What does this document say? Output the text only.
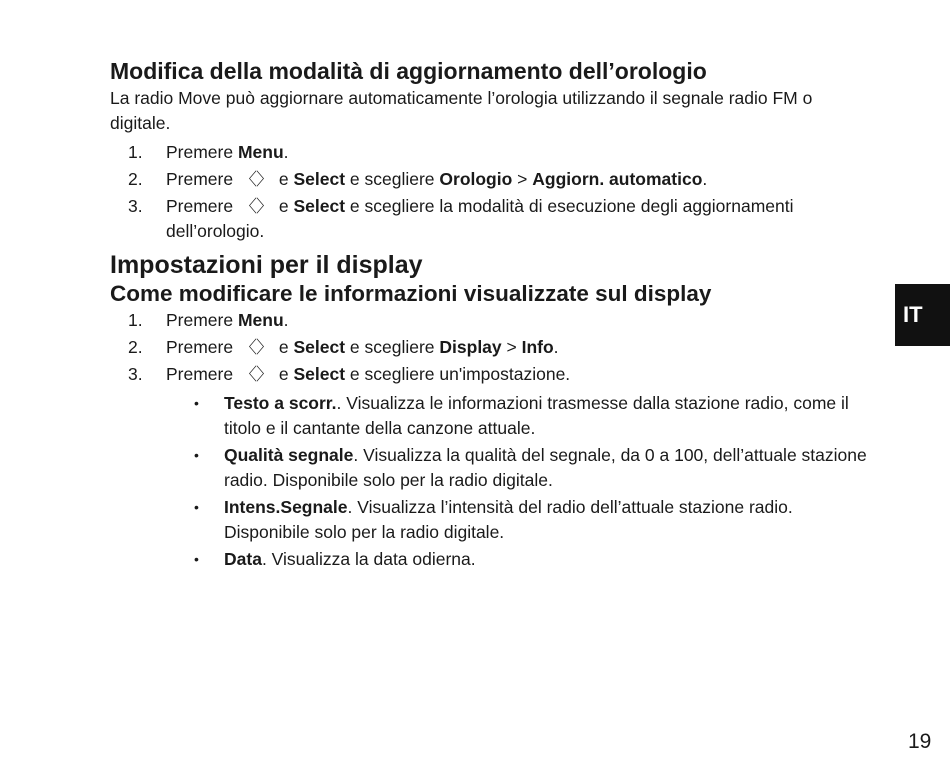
Modifica della modalità di aggiornamento dell’orologio

La radio Move può aggiornare automaticamente l’orologia utilizzando il segnale radio FM o digitale.

1. Premere Menu.
2. Premere 〈〉 e Select e scegliere Orologio > Aggiorn. automatico.
3. Premere 〈〉 e Select e scegliere la modalità di esecuzione degli aggiornamenti dell’orologio.
Impostazioni per il display
Come modificare le informazioni visualizzate sul display
1. Premere Menu.
2. Premere 〈〉 e Select e scegliere Display > Info.
3. Premere 〈〉 e Select e scegliere un'impostazione.
• Testo a scorr.. Visualizza le informazioni trasmesse dalla stazione radio, come il titolo e il cantante della canzone attuale.
• Qualità segnale. Visualizza la qualità del segnale, da 0 a 100, dell’attuale stazione radio. Disponibile solo per la radio digitale.
• Intens.Segnale. Visualizza l’intensità del radio dell’attuale stazione radio. Disponibile solo per la radio digitale.
• Data. Visualizza la data odierna.
IT
19
